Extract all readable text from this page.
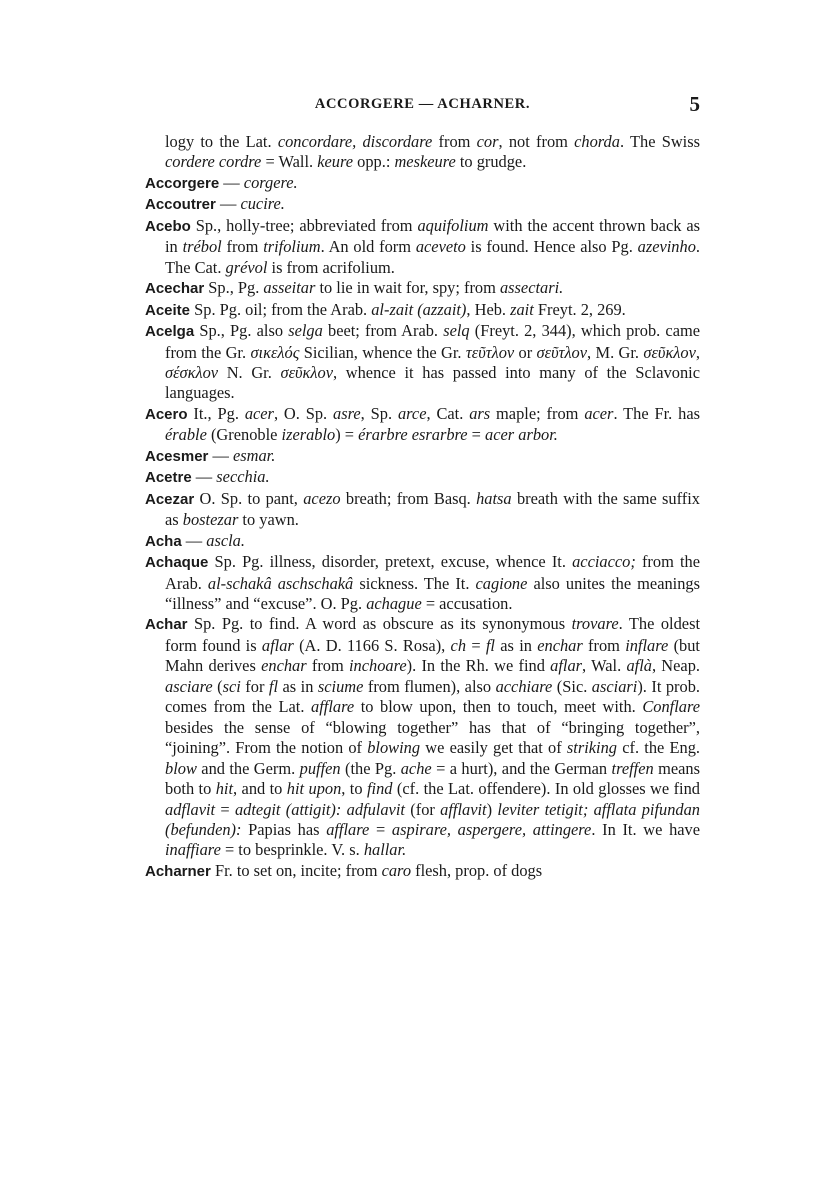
ACCORGERE — ACHARNER.	5

logy to the Lat. concordare, discordare from cor, not from chorda. The Swiss cordere cordre = Wall. keure opp.: meskeure to grudge.

Accorgere — corgere.

Accoutrer — cucire.

Acebo Sp., holly-tree; abbreviated from aquifolium with the accent thrown back as in trébol from trifolium. An old form aceveto is found. Hence also Pg. azevinho. The Cat. grévol is from acrifolium.

Acechar Sp., Pg. asseitar to lie in wait for, spy; from assectari.

Aceite Sp. Pg. oil; from the Arab. al-zait (azzait), Heb. zait Freyt. 2, 269.

Acelga Sp., Pg. also selga beet; from Arab. selq (Freyt. 2, 344), which prob. came from the Gr. σικελός Sicilian, whence the Gr. τεῦτλον or σεῦτλον, M. Gr. σεῦκλον, σέσκλον N. Gr. σεῦκλον, whence it has passed into many of the Sclavonic languages.

Acero It., Pg. acer, O. Sp. asre, Sp. arce, Cat. ars maple; from acer. The Fr. has érable (Grenoble izerablo) = érarbre esrarbre = acer arbor.

Acesmer — esmar.

Acetre — secchia.

Acezar O. Sp. to pant, acezo breath; from Basq. hatsa breath with the same suffix as bostezar to yawn.

Acha — ascla.

Achaque Sp. Pg. illness, disorder, pretext, excuse, whence It. acciacco; from the Arab. al-schakâ aschschakâ sickness. The It. cagione also unites the meanings “illness” and “excuse”. O. Pg. achague = accusation.

Achar Sp. Pg. to find. A word as obscure as its synonymous trovare. The oldest form found is aflar (A. D. 1166 S. Rosa), ch = fl as in enchar from inflare (but Mahn derives enchar from inchoare). In the Rh. we find aflar, Wal. aflà, Neap. asciare (sci for fl as in sciume from flumen), also acchiare (Sic. asciari). It prob. comes from the Lat. afflare to blow upon, then to touch, meet with. Conflare besides the sense of “blowing together” has that of “bringing together”, “joining”. From the notion of blowing we easily get that of striking cf. the Eng. blow and the Germ. puffen (the Pg. ache = a hurt), and the German treffen means both to hit, and to hit upon, to find (cf. the Lat. offendere). In old glosses we find adflavit = adtegit (attigit): adfulavit (for afflavit) leviter tetigit; afflata pifundan (befunden): Papias has afflare = aspirare, aspergere, attingere. In It. we have inaffiare = to besprinkle. V. s. hallar.

Acharner Fr. to set on, incite; from caro flesh, prop. of dogs
